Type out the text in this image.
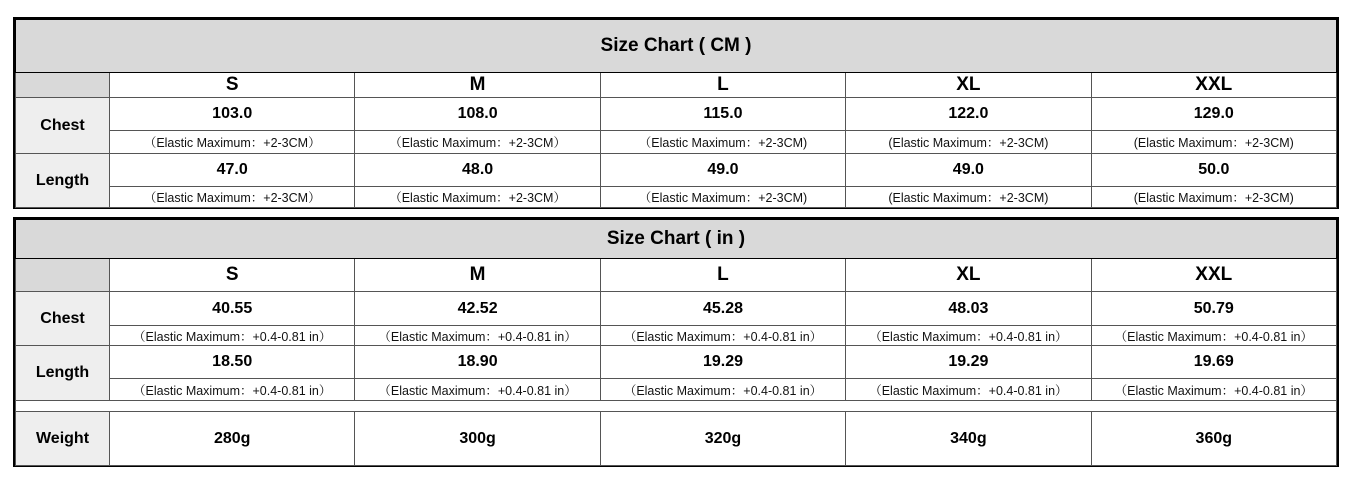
Size Chart ( CM )					
	S	M	L	XL	XXL
Chest	103.0	108.0	115.0	122.0	129.0
	（Elastic Maximum：+2-3CM）	（Elastic Maximum：+2-3CM）	（Elastic Maximum：+2-3CM)	(Elastic Maximum：+2-3CM)	(Elastic Maximum：+2-3CM)
Length	47.0	48.0	49.0	49.0	50.0
	（Elastic Maximum：+2-3CM）	（Elastic Maximum：+2-3CM）	（Elastic Maximum：+2-3CM)	(Elastic Maximum：+2-3CM)	(Elastic Maximum：+2-3CM)
Size Chart ( in )					
	S	M	L	XL	XXL
Chest	40.55	42.52	45.28	48.03	50.79
	（Elastic Maximum：+0.4-0.81 in）	（Elastic Maximum：+0.4-0.81 in）	（Elastic Maximum：+0.4-0.81 in）	（Elastic Maximum：+0.4-0.81 in）	（Elastic Maximum：+0.4-0.81 in）
Length	18.50	18.90	19.29	19.29	19.69
	（Elastic Maximum：+0.4-0.81 in）	（Elastic Maximum：+0.4-0.81 in）	（Elastic Maximum：+0.4-0.81 in）	（Elastic Maximum：+0.4-0.81 in）	（Elastic Maximum：+0.4-0.81 in）

Weight	280g	300g	320g	340g	360g
